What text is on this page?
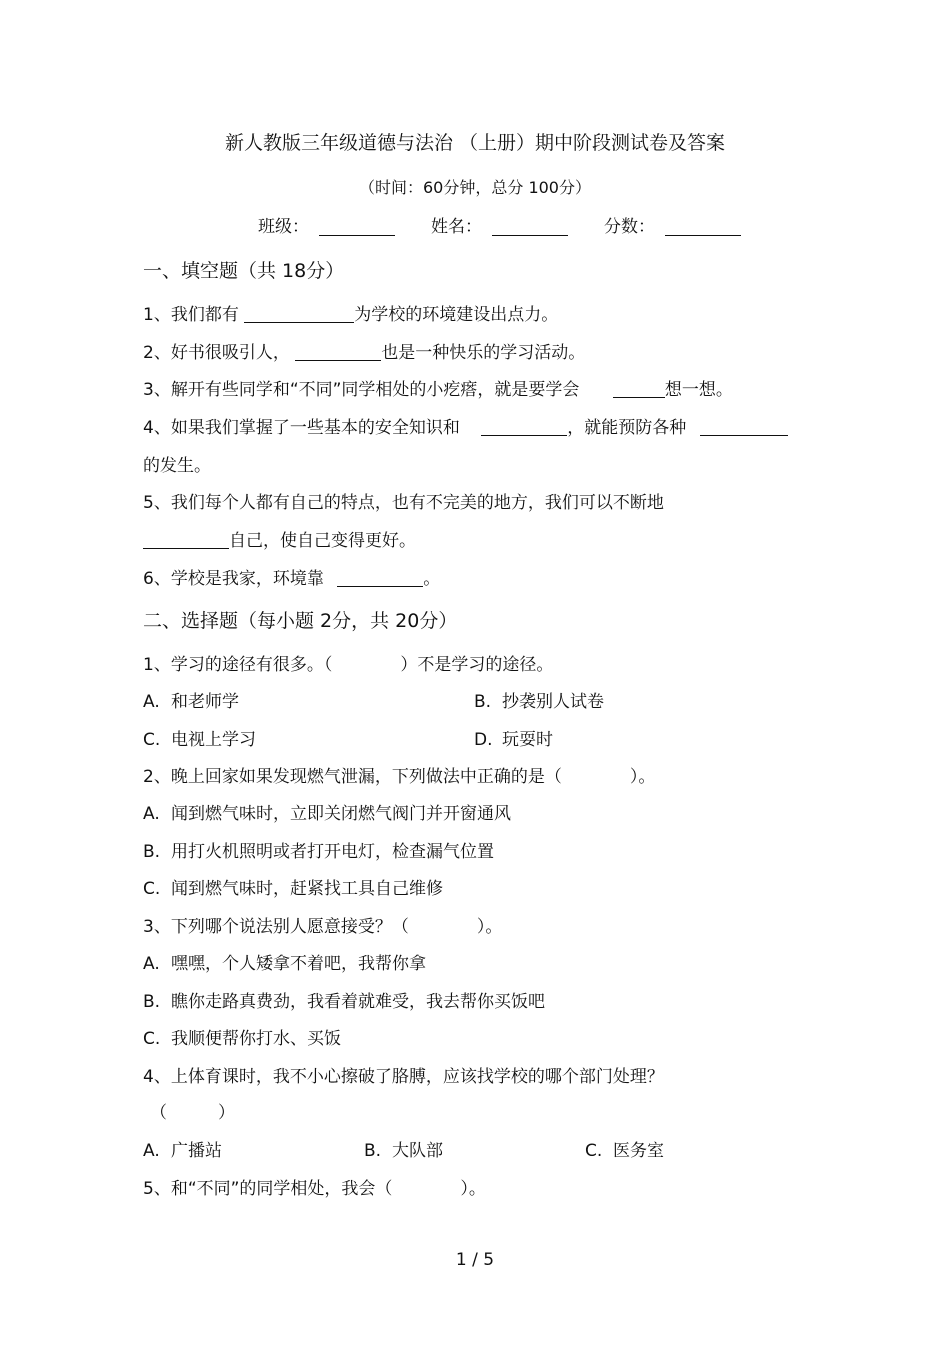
新人教版三年级道德与法治 （上册）期中阶段测试卷及答案
（时间：60分钟，总分 100分）
班级：	姓名：	分数：
一、填空题（共 18分）
1、我们都有	为学校的环境建设出点力。
2、好书很吸引人，	也是一种快乐的学习活动。
3、解开有些同学和“不同”同学相处的小疙瘩，就是要学会	想一想。
4、如果我们掌握了一些基本的安全知识和	，就能预防各种
的发生。
5、我们每个人都有自己的特点，也有不完美的地方，我们可以不断地
自己，使自己变得更好。
6、学校是我家，环境靠	。
二、选择题（每小题 2分，共 20分）
1、学习的途径有很多。（　　　　）不是学习的途径。
A. 和老师学	B. 抄袭别人试卷
C. 电视上学习	D. 玩耍时
2、晚上回家如果发现燃气泄漏，下列做法中正确的是（　　　　）。
A. 闻到燃气味时，立即关闭燃气阀门并开窗通风
B. 用打火机照明或者打开电灯，检查漏气位置
C. 闻到燃气味时，赶紧找工具自己维修
3、下列哪个说法别人愿意接受？（　　　　）。
A. 嘿嘿，个人矮拿不着吧，我帮你拿
B. 瞧你走路真费劲，我看着就难受，我去帮你买饭吧
C. 我顺便帮你打水、买饭
4、上体育课时，我不小心擦破了胳膊，应该找学校的哪个部门处理？
（　　　）
A. 广播站	B. 大队部	C. 医务室
5、和“不同”的同学相处，我会（　　　　）。
1 / 5
